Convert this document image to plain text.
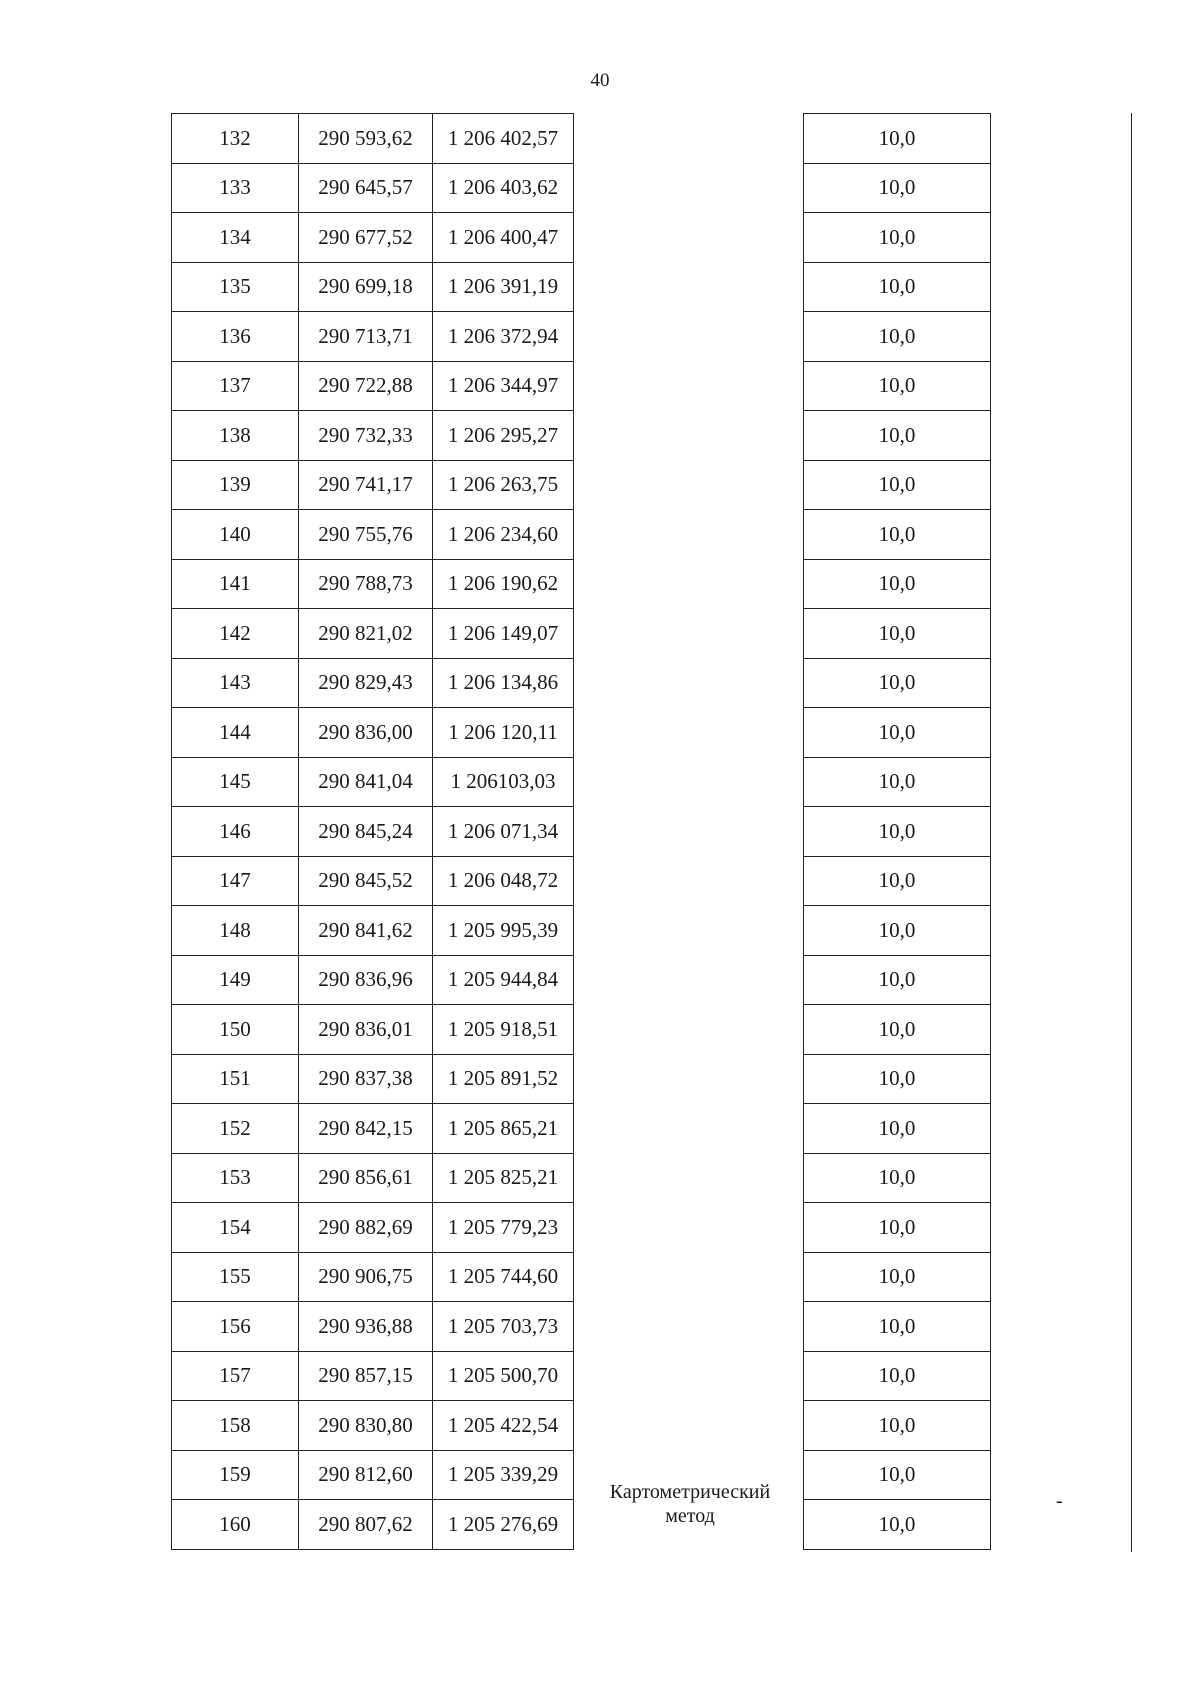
40
132	290 593,62	1 206 402,57		10,0
133	290 645,57	1 206 403,62		10,0
134	290 677,52	1 206 400,47		10,0
135	290 699,18	1 206 391,19		10,0
136	290 713,71	1 206 372,94		10,0
137	290 722,88	1 206 344,97		10,0
138	290 732,33	1 206 295,27		10,0
139	290 741,17	1 206 263,75		10,0
140	290 755,76	1 206 234,60		10,0
141	290 788,73	1 206 190,62		10,0
142	290 821,02	1 206 149,07		10,0
143	290 829,43	1 206 134,86		10,0
144	290 836,00	1 206 120,11		10,0
145	290 841,04	1 206103,03		10,0
146	290 845,24	1 206 071,34		10,0
147	290 845,52	1 206 048,72		10,0
148	290 841,62	1 205 995,39		10,0
149	290 836,96	1 205 944,84		10,0
150	290 836,01	1 205 918,51		10,0
151	290 837,38	1 205 891,52		10,0
152	290 842,15	1 205 865,21		10,0
153	290 856,61	1 205 825,21		10,0
154	290 882,69	1 205 779,23		10,0
155	290 906,75	1 205 744,60		10,0
156	290 936,88	1 205 703,73		10,0
157	290 857,15	1 205 500,70		10,0
158	290 830,80	1 205 422,54		10,0
159	290 812,60	1 205 339,29		10,0
160	290 807,62	1 205 276,69		10,0
Картометрический метод
-
